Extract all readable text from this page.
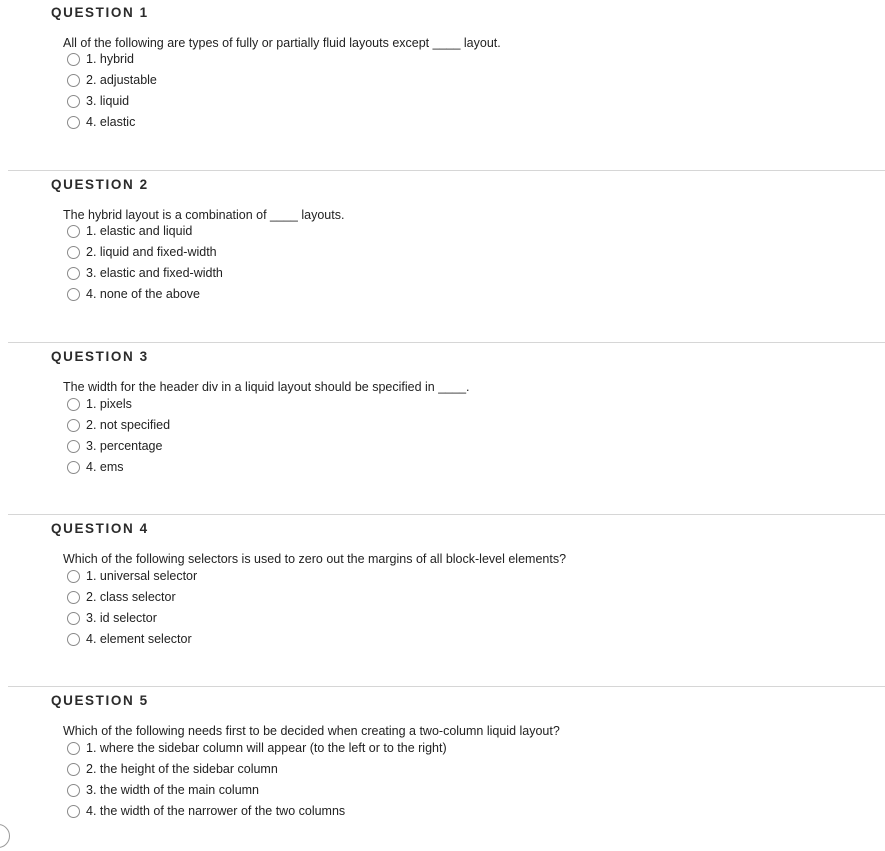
QUESTION 1
All of the following are types of fully or partially fluid layouts except ____ layout.
1. hybrid
2. adjustable
3. liquid
4. elastic
QUESTION 2
The hybrid layout is a combination of ____ layouts.
1. elastic and liquid
2. liquid and fixed-width
3. elastic and fixed-width
4. none of the above
QUESTION 3
The width for the header div in a liquid layout should be specified in ____.
1. pixels
2. not specified
3. percentage
4. ems
QUESTION 4
Which of the following selectors is used to zero out the margins of all block-level elements?
1. universal selector
2. class selector
3. id selector
4. element selector
QUESTION 5
Which of the following needs first to be decided when creating a two-column liquid layout?
1. where the sidebar column will appear (to the left or to the right)
2. the height of the sidebar column
3. the width of the main column
4. the width of the narrower of the two columns
